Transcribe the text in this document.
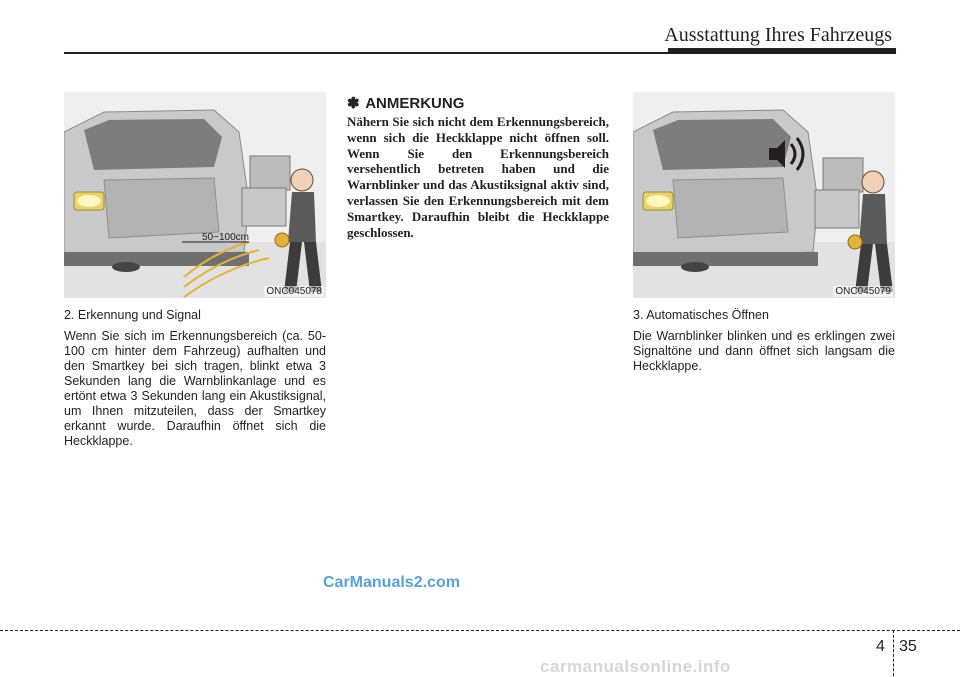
Ausstattung Ihres Fahrzeugs
50~100cm
ONC045078
2. Erkennung und Signal
Wenn Sie sich im Erkennungsbereich (ca. 50-100 cm hinter dem Fahrzeug) aufhalten und den Smartkey bei sich tragen, blinkt etwa 3 Sekunden lang die Warnblinkanlage und es ertönt etwa 3 Sekunden lang ein Akustiksignal, um Ihnen mitzuteilen, dass der Smartkey erkannt wurde. Daraufhin öffnet sich die Heckklappe.
✽ ANMERKUNG
Nähern Sie sich nicht dem Erkennungsbereich, wenn sich die Heckklappe nicht öffnen soll. Wenn Sie den Erkennungsbereich versehentlich betreten haben und die Warnblinker und das Akustiksignal aktiv sind, verlassen Sie den Erkennungsbereich mit dem Smartkey. Daraufhin bleibt die Heckklappe geschlossen.
ONC045079
3. Automatisches Öffnen
Die Warnblinker blinken und es erklingen zwei Signaltöne und dann öffnet sich langsam die Heckklappe.
CarManuals2.com
4 35
carmanualsonline.info
